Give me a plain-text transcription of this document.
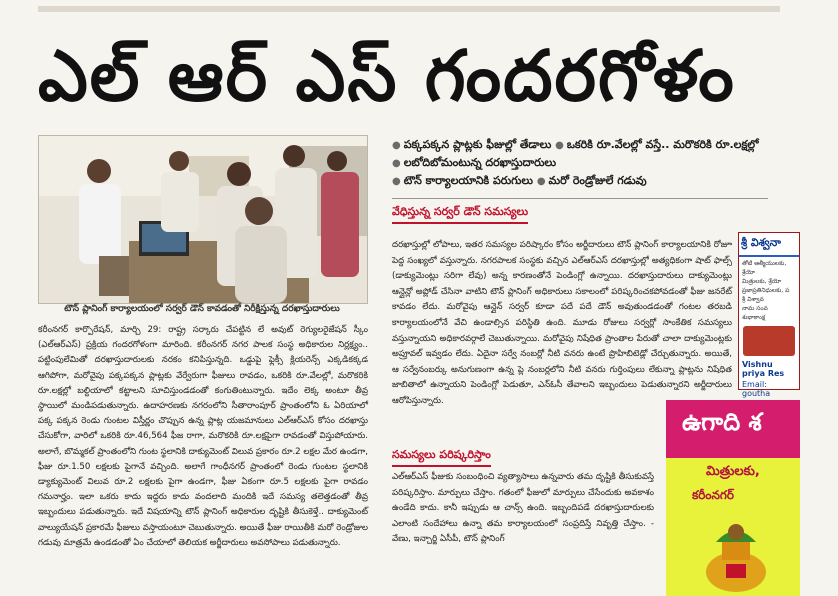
ఎల్ ఆర్ ఎస్ గందరగోళం
టౌన్ ప్లానింగ్ కార్యాలయంలో సర్వర్ డౌన్ కావడంతో నిరీక్షిస్తున్న దరఖాస్తుదారులు
కరీంనగర్ కార్పొరేషన్, మార్చి 29: రాష్ట్ర సర్కారు చేపట్టిన లే అవుట్ రెగ్యులరైజేషన్ స్కీం (ఎల్ఆర్ఎస్) ప్రక్రియ గందరగోళంగా మారింది. కరీంనగర్ నగర పాలక సంస్థ అధికారుల నిర్లక్ష్యం.. పట్టింపులేమితో దరఖాస్తుదారులకు నరకం కనిపిస్తున్నది. ఒడ్డుపై ఫ్లెక్సీ క్లియరెన్స్ ఎక్కడికక్కడ ఆగిపోగా, మరోవైపు పక్కపక్కన ప్లాట్లకు వేర్వేరుగా ఫీజులు రావడం, ఒకరికి రూ.వేలల్లో, మరొకరికి రూ.లక్షల్లో బల్దియాలో కట్టాలని సూచిస్తుండడంతో కంగుతింటున్నారు. ఇదేం లెక్క అంటూ తీవ్ర స్థాయిలో మండిపడుతున్నారు. ఉదాహరణకు నగరంలోని సీతారాంపూర్ ప్రాంతంలోని ఓ ఏరియాలో పక్క పక్కన రెండు గుంటల విస్తీర్ణం చొప్పున ఉన్న ప్లాట్ల యజమానులు ఎల్ఆర్ఎస్ కోసం దరఖాస్తు చేసుకోగా, వారిలో ఒకరికి రూ.46,564 ఫీజ రాగా, మరొకరికి రూ.లక్షపైగా రావడంతో విస్తుపోయారు. అలాగే, బొమ్మకల్ ప్రాంతంలోని గుంట స్థలానికి దాక్యుమెంట్ విలువ ప్రకారం రూ.2 లక్షల మేర ఉండగా, ఫీజు రూ.1.50 లక్షలకు పైగానే వచ్చింది. అలాగే గాంధీనగర్ ప్రాంతంలో రెండు గుంటల స్థలానికి డ్యాక్యుమెంట్ విలువ రూ.2 లక్షలకు పైగా ఉండగా, ఫీజు ఏకంగా రూ.5 లక్షలకు పైగా రావడం గమనార్హం. ఇలా ఒకరు కాదు ఇద్దరు కాదు వందలాది మందికి ఇదే సమస్య తలెత్తడంతో తీవ్ర ఇబ్బందులు పడుతున్నారు. ఇదే విషయాన్ని టౌన్ ప్లానింగ్ అధికారుల దృష్టికి తీసుకెళ్తే.. దాక్యుమెంట్ వాల్యుయేషన్ ప్రకారమే ఫీజులు వస్తాయంటూ చెబుతున్నారు. అయితే ఫీజు రాయితీకి మరో రెండ్రోజుల గడువు మాత్రమే ఉండడంతో ఏం చేయాలో తెలియక అర్జీదారులు అవసోపాలు పడుతున్నారు.
● పక్కపక్కన ప్లాట్లకు ఫీజుల్లో తేడాలు ● ఒకరికి రూ.వేలల్లో వస్తే.. మరొకరికి రూ.లక్షల్లో ● లబోదిబోమంటున్న దరఖాస్తుదారులు
● టౌన్ కార్యాలయానికి పరుగులు ● మరో రెండ్రోజులే గడువు
వేధిస్తున్న సర్వర్ డౌన్ సమస్యలు
దరఖాస్తుల్లో లోపాలు, ఇతర సమస్యల పరిష్కారం కోసం అర్జీదారులు టౌన్ ప్లానింగ్ కార్యాలయానికి రోజూ పెద్ద సంఖ్యలో వస్తున్నారు. నగరపాలక సంస్థకు వచ్చిన ఎల్ఆర్ఎస్ దరఖాస్తుల్లో అత్యధికంగా షాట్ ఫాల్స్ (డాక్యుమెంట్లు సరిగా లేవు) అన్న కారణంతోనే పెండింగ్లో ఉన్నాయి. దరఖాస్తుదారులు దాక్యుమెంట్లు ఆన్లైన్లో అప్లోడ్ చేసినా వాటిని టౌన్ ప్లానింగ్ అధికారులు సకాలంలో పరిష్కరించకపోవడంతో ఫీజు జనరేట్ కావడం లేదు. మరోవైపు ఆన్లైన్ సర్వర్ కూడా పదే పదే డౌన్ అవుతుండడంతో గంటల తరబడి కార్యాలయంలోనే వేచి ఉండాల్సిన పరిస్థితి ఉంది. మూడు రోజులు సర్వర్లో సాంకేతిక సమస్యలు వస్తున్నాయని అధికారవర్గాలే చెబుతున్నాయి. మరోవైపు నిషేధిత ప్రాంతాల పేరుతో చాలా దాక్యుమెంట్లకు అప్రూవల్ ఇవ్వడం లేదు. ఏదైనా సర్వే నంబర్లో నీటి వనరు ఉంటే ప్రొహిబిటెడ్లో చేర్చుతున్నారు. అయితే, ఆ సర్వేనంబర్కు అనుగుణంగా ఉన్న ప్లె నంబర్లలోని నీటి వనరు గుర్తింపులు లేకున్నా ప్లాట్లను నిషేధిత జాబితాలో ఉన్నాయని పెండింగ్లో పెడుతూ, ఎన్ఓసీ తేవాలని ఇబ్బందులు పెడుతున్నారని అర్జీదారులు ఆరోపిస్తున్నారు.
సమస్యలు పరిష్కరిస్తాం
ఎల్ఆర్ఎస్ ఫీజుకు సంబంధించి వ్యత్యాసాలు ఉన్నవారు తమ దృష్టికి తీసుకువస్తే పరిష్కరిస్తాం. మార్పులు చేస్తాం. గతంలో ఫీజులో మార్పులు చేసేందుకు అవకాశం ఉండేది కాదు. కానీ ఇప్పుడు ఆ చాన్స్ ఉంది. ఇబ్బందిపడే దరఖాస్తుదారులకు ఎలాంటి సందేహాలు ఉన్నా తమ కార్యాలయంలో సంప్రదిస్తే నివృత్తి చేస్తాం. - వేణు, ఇన్చార్జి ఏసీపీ, టౌన్ ప్లానింగ్
శ్రీ విశ్వనా
తోటి ఆత్మీయులకు, శ్రేయో
మిత్రులకు, శ్రేయో
ప్రజాప్రతినిధులకు, ప
శ్రీ విశ్వావ
నామ సంవ
శుభాకాంక్ష
Vishnu priya Res
Email: goutha
ఉగాది శ
మిత్రులకు,
కరీంనగర్
